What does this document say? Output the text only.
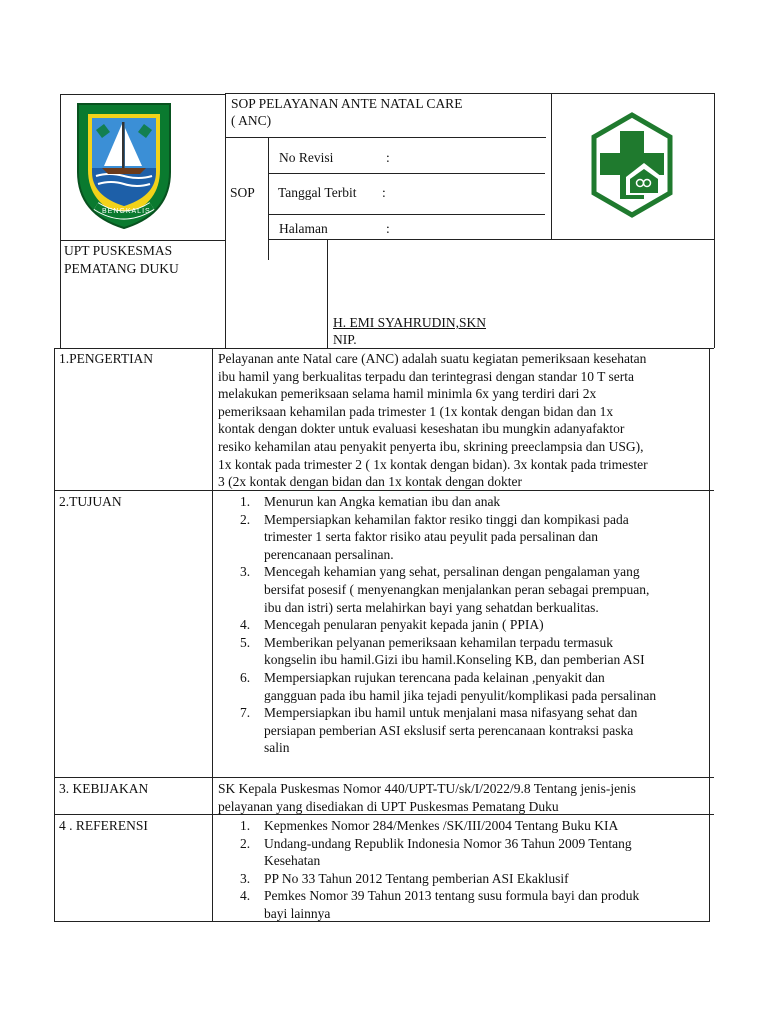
BENGKALIS
SOP PELAYANAN ANTE NATAL CARE
( ANC)
SOP
No Revisi	:
Tanggal Terbit :
Halaman	:
UPT PUSKESMAS
PEMATANG DUKU
H. EMI SYAHRUDIN,SKN
NIP.
1.PENGERTIAN	Pelayanan ante Natal care (ANC) adalah suatu kegiatan pemeriksaan kesehatan
ibu hamil yang berkualitas terpadu dan terintegrasi dengan standar 10 T serta
melakukan pemeriksaan selama hamil minimla 6x yang terdiri dari 2x
pemeriksaan kehamilan pada trimester 1 (1x kontak dengan bidan dan 1x
kontak dengan dokter untuk evaluasi keseshatan ibu mungkin adanyafaktor
resiko kehamilan atau penyakit penyerta ibu, skrining preeclampsia dan USG),
1x kontak pada trimester 2 ( 1x kontak dengan bidan). 3x kontak pada trimester
3 (2x kontak dengan bidan dan 1x kontak dengan dokter
2.TUJUAN	1. Menurun kan Angka kematian ibu dan anak
2. Mempersiapkan kehamilan faktor resiko tinggi dan kompikasi pada
trimester 1 serta faktor risiko atau peyulit pada persalinan dan
perencanaan persalinan.
3. Mencegah kehamian yang sehat, persalinan dengan pengalaman yang
bersifat posesif ( menyenangkan menjalankan peran sebagai prempuan,
ibu dan istri) serta melahirkan bayi yang sehatdan berkualitas.
4. Mencegah penularan penyakit kepada janin ( PPIA)
5. Memberikan pelyanan pemeriksaan kehamilan terpadu termasuk
kongselin ibu hamil.Gizi ibu hamil.Konseling KB, dan pemberian ASI
6. Mempersiapkan rujukan terencana pada kelainan ,penyakit dan
gangguan pada ibu hamil jika tejadi penyulit/komplikasi pada persalinan
7. Mempersiapkan ibu hamil untuk menjalani masa nifasyang sehat dan
persiapan pemberian ASI ekslusif serta perencanaan kontraksi paska
salin
3. KEBIJAKAN	SK Kepala Puskesmas Nomor 440/UPT-TU/sk/I/2022/9.8 Tentang jenis-jenis
pelayanan yang disediakan di UPT Puskesmas Pematang Duku
4 . REFERENSI	1. Kepmenkes Nomor 284/Menkes /SK/III/2004 Tentang Buku KIA
2. Undang-undang Republik Indonesia Nomor 36 Tahun 2009 Tentang
Kesehatan
3. PP No 33 Tahun 2012 Tentang pemberian ASI Ekaklusif
4. Pemkes Nomor 39 Tahun 2013 tentang susu formula bayi dan produk
bayi lainnya
